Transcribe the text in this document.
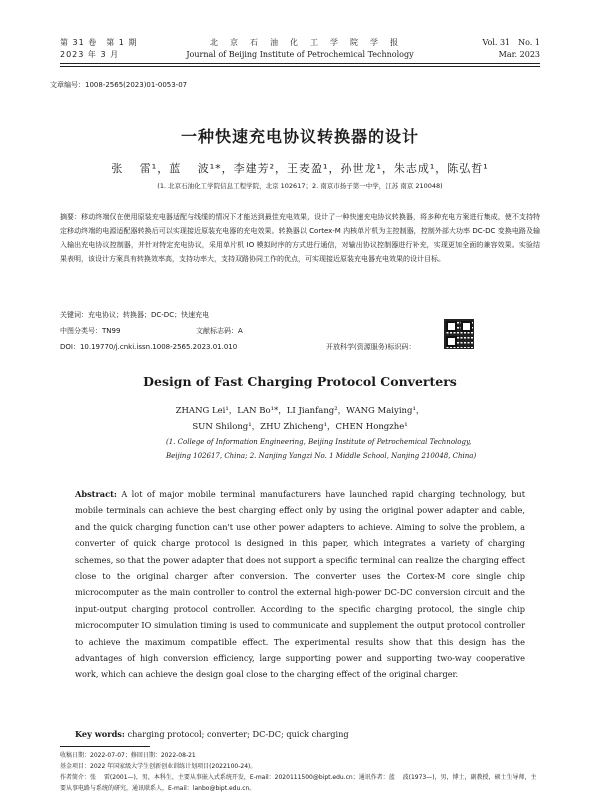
第 31 卷　第 1 期
2023 年 3 月
北　京　石　油　化　工　学　院　学　报
Journal of Beijing Institute of Petrochemical Technology
Vol. 31　No. 1
Mar. 2023
文章编号：1008-2565(2023)01-0053-07
一种快速充电协议转换器的设计
张　 雷¹，蓝　 波¹*，李建芳²，王麦盈¹，孙世龙¹，朱志成¹，陈弘哲¹
(1. 北京石油化工学院信息工程学院，北京 102617；2. 南京市扬子第一中学，江苏 南京 210048)
摘要：移动终端仅在使用原装充电器适配与线缆的情况下才能达到最佳充电效果，设计了一种快速充电协议转换器，将多种充电方案进行集成，使不支持特定移动终端的电源适配器转换后可以实现接近原装充电器的充电效果。转换器以 Cortex-M 内核单片机为主控制器，控制外部大功率 DC-DC 变换电路及输入输出充电协议控制器，并针对特定充电协议，采用单片机 IO 模拟时序的方式进行通信，对输出协议控制器进行补充，实现更加全面的兼容效果。实验结果表明，该设计方案具有转换效率高，支持功率大，支持双路协同工作的优点，可实现接近原装充电器充电效果的设计目标。
关键词：充电协议；转换器；DC-DC；快速充电
中图分类号：TN99	文献标志码：A
DOI：10.19770/j.cnki.issn.1008-2565.2023.01.010	开放科学(资源服务)标识码：
Design of Fast Charging Protocol Converters
ZHANG Lei¹，LAN Bo¹*，LI Jianfang²，WANG Maiying¹，
SUN Shilong¹，ZHU Zhicheng¹，CHEN Hongzhe¹
(1. College of Information Engineering, Beijing Institute of Petrochemical Technology,
Beijing 102617, China; 2. Nanjing Yangzi No. 1 Middle School, Nanjing 210048, China)
Abstract: A lot of major mobile terminal manufacturers have launched rapid charging technology, but mobile terminals can achieve the best charging effect only by using the original power adapter and cable, and the quick charging function can't use other power adapters to achieve. Aiming to solve the problem, a converter of quick charge protocol is designed in this paper, which integrates a variety of charging schemes, so that the power adapter that does not support a specific terminal can realize the charging effect close to the original charger after conversion. The converter uses the Cortex-M core single chip microcomputer as the main controller to control the external high-power DC-DC conversion circuit and the input-output charging protocol controller. According to the specific charging protocol, the single chip microcomputer IO simulation timing is used to communicate and supplement the output protocol controller to achieve the maximum compatible effect. The experimental results show that this design has the advantages of high conversion efficiency, large supporting power and supporting two-way cooperative work, which can achieve the design goal close to the charging effect of the original charger.
Key words: charging protocol; converter; DC-DC; quick charging
收稿日期：2022-07-07；修回日期：2022-08-21
基金项目：2022 年国家级大学生创新创业训练计划项目(2022100-24)。
作者简介：张　 雷(2001—)，男，本科生，主要从事嵌入式系统开发，E-mail：2020111500@bipt.edu.cn；通讯作者：蓝　 波(1973—)，男，博士，副教授，硕士生导师，主要从事电路与系统的研究，通讯联系人，E-mail：lanbo@bipt.edu.cn。
